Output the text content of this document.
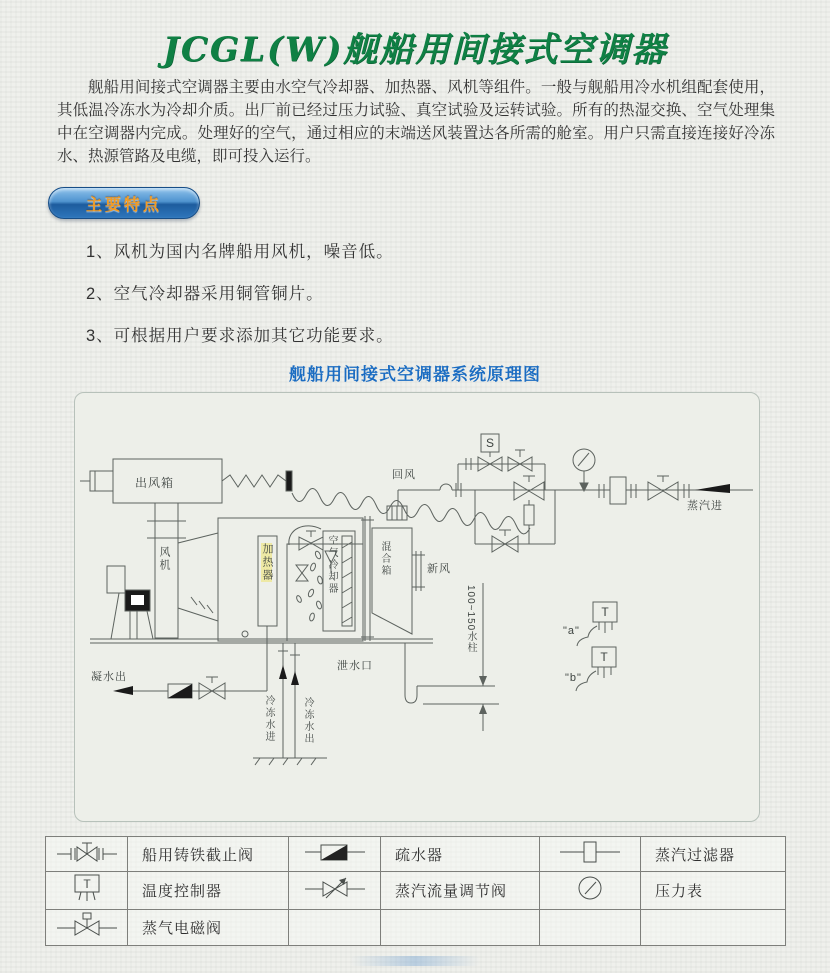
JCGL(W)舰船用间接式空调器

舰船用间接式空调器主要由水空气冷却器、加热器、风机等组件。一般与舰船用冷水机组配套使用，其低温冷冻水为冷却介质。出厂前已经过压力试验、真空试验及运转试验。所有的热湿交换、空气处理集中在空调器内完成。处理好的空气，通过相应的末端送风装置达各所需的舱室。用户只需直接连接好冷冻水、热源管路及电缆，即可投入运行。

主要特点

1、风机为国内名牌船用风机，噪音低。

2、空气冷却器采用铜管铜片。

3、可根据用户要求添加其它功能要求。

舰船用间接式空调器系统原理图
S
T
T
出风箱
风机	加热器	空气冷却器	混合箱	新风
回风
蒸汽进
凝水出
冷冻水进	冷冻水出
泄水口
100~150水柱	"a"
"b"
	船用铸铁截止阀		疏水器		蒸汽过滤器

T	温度控制器		蒸汽流量调节阀		压力表
	蒸气电磁阀				
